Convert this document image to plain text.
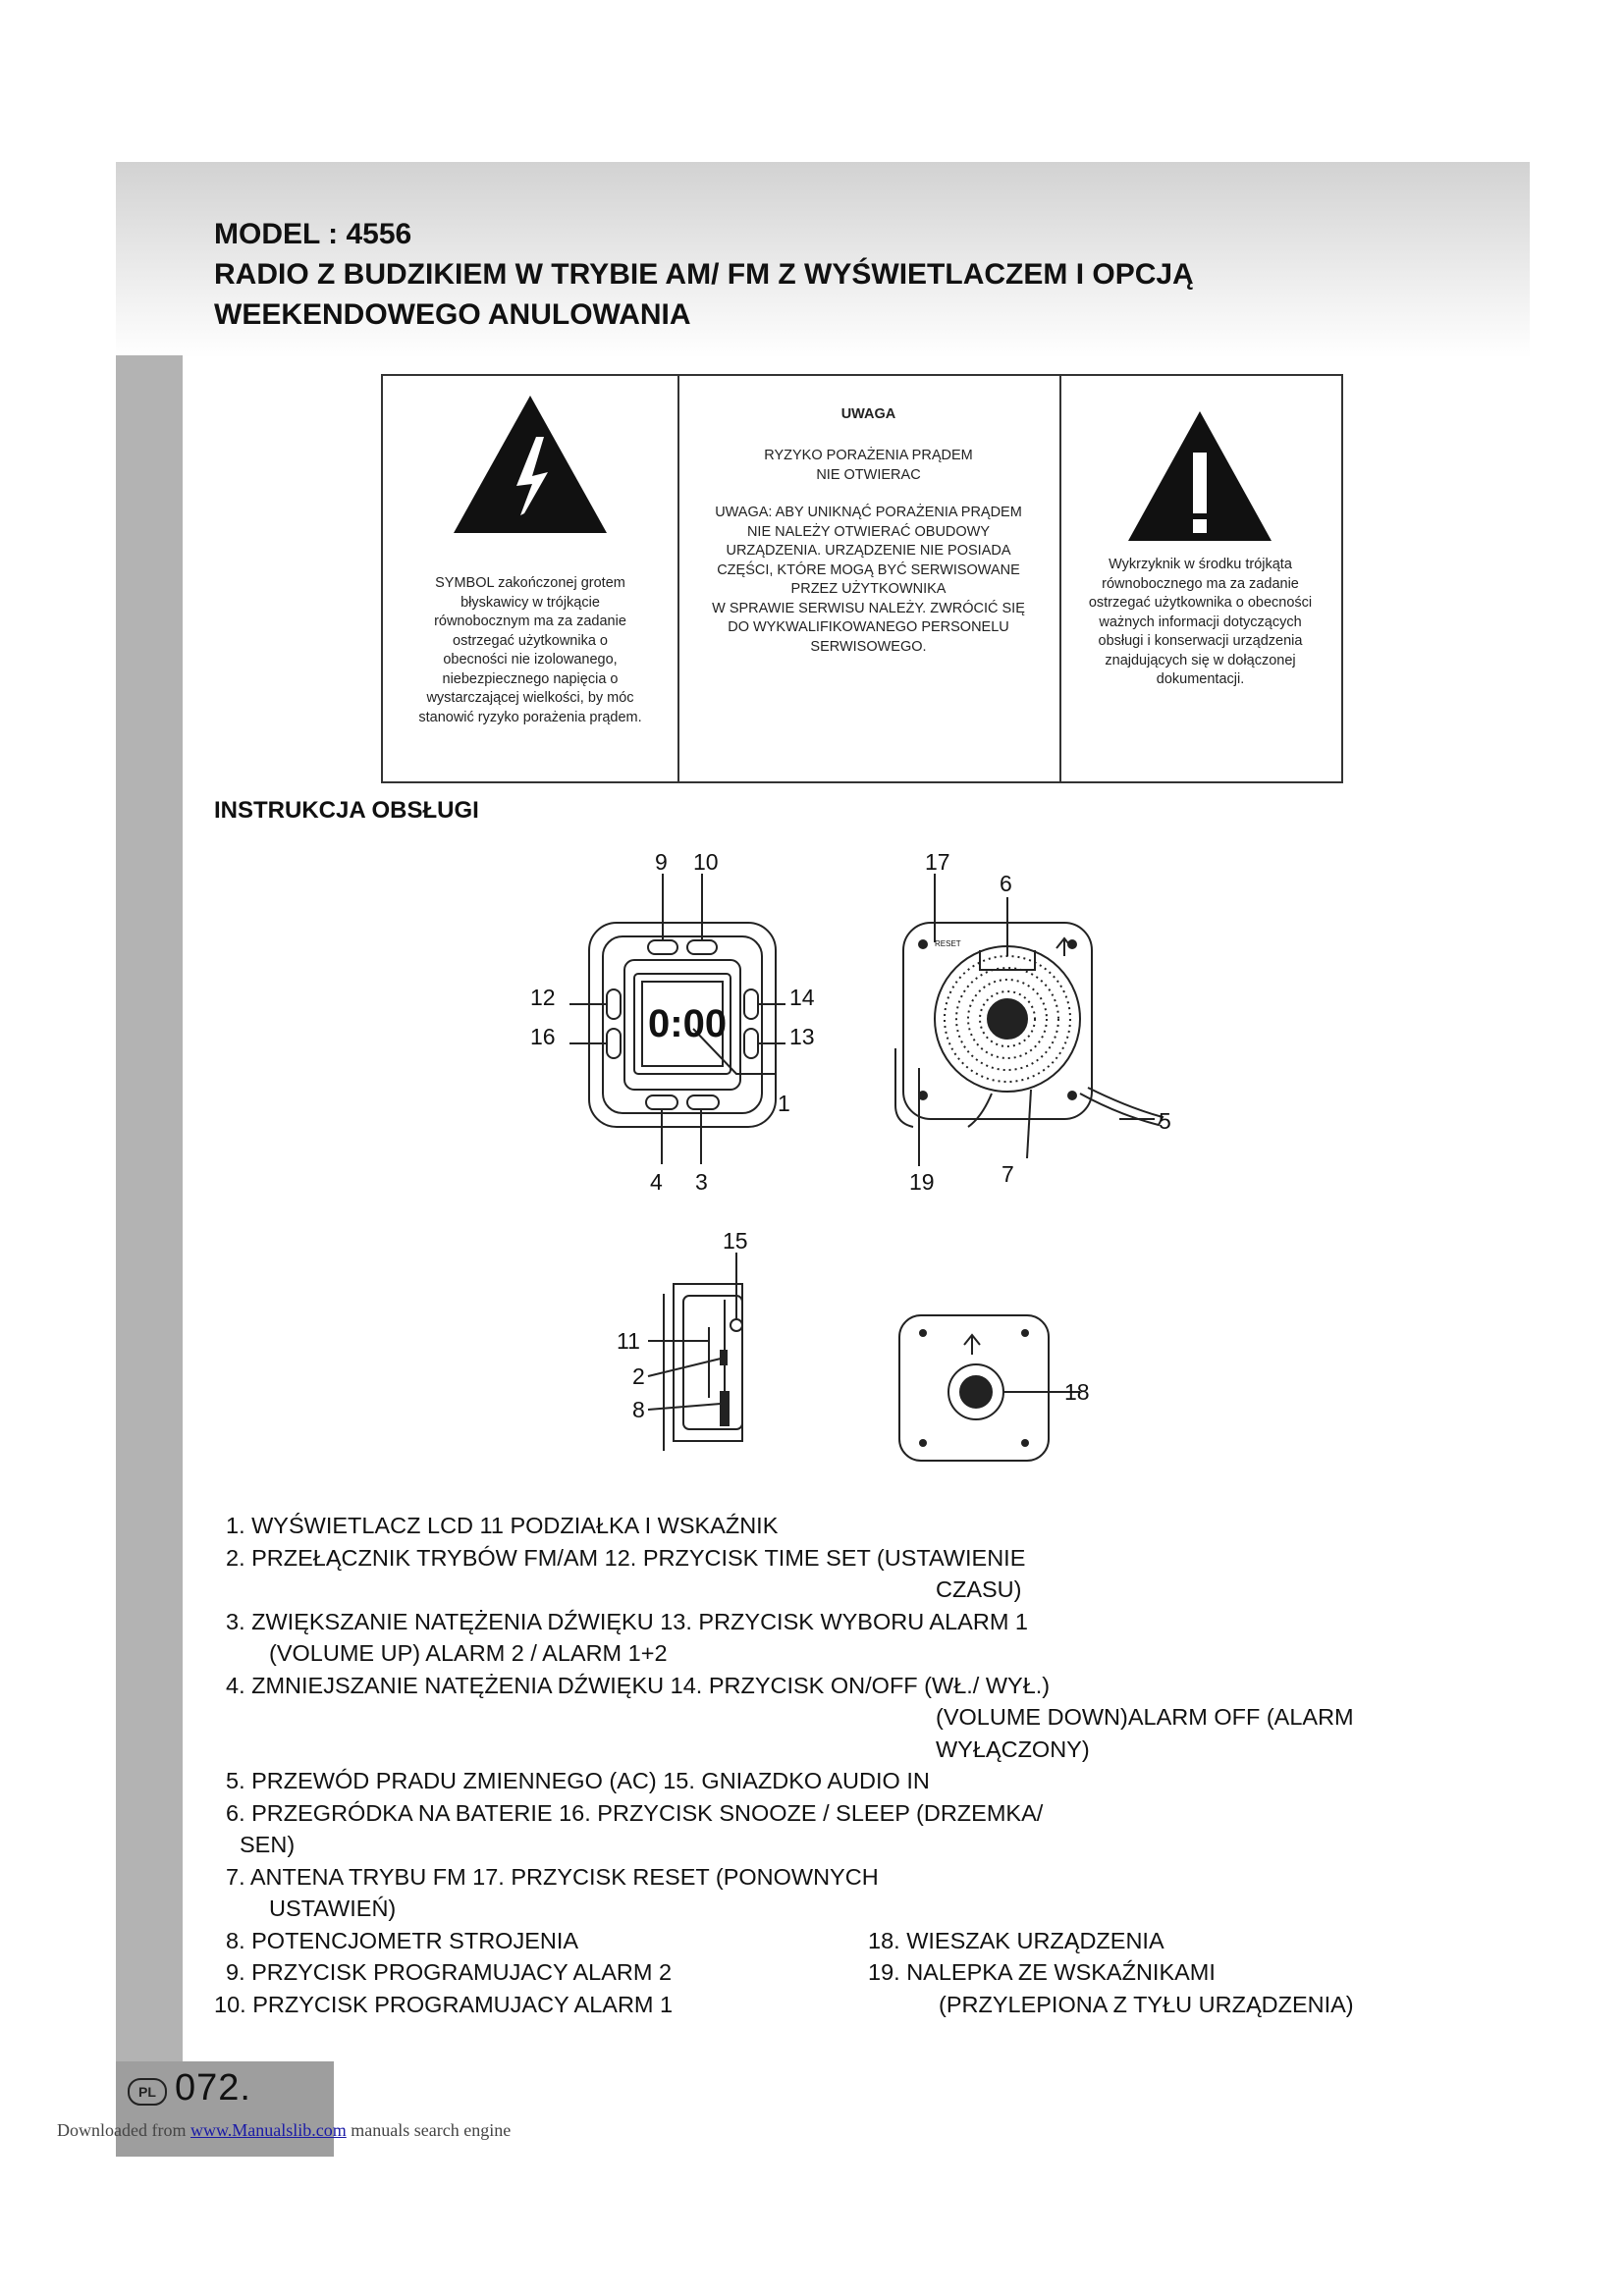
MODEL : 4556
RADIO Z BUDZIKIEM W TRYBIE AM/ FM Z WYŚWIETLACZEM I OPCJĄ
WEEKENDOWEGO ANULOWANIA
SYMBOL zakończonej grotem
błyskawicy w trójkącie
równobocznym ma za zadanie
ostrzegać użytkownika o
obecności nie izolowanego,
niebezpiecznego napięcia o
wystarczającej wielkości, by móc
stanowić ryzyko porażenia prądem.
UWAGA
RYZYKO PORAŻENIA PRĄDEM
NIE OTWIERAC
UWAGA: ABY UNIKNĄĆ PORAŻENIA PRĄDEM
NIE NALEŻY OTWIERAĆ OBUDOWY
URZĄDZENIA. URZĄDZENIE NIE POSIADA
CZĘŚCI, KTÓRE MOGĄ BYĆ SERWISOWANE
PRZEZ UŻYTKOWNIKA
W SPRAWIE SERWISU NALEŻY. ZWRÓCIĆ SIĘ
DO WYKWALIFIKOWANEGO PERSONELU
SERWISOWEGO.
Wykrzyknik w środku trójkąta
równobocznego ma za zadanie
ostrzegać użytkownika o obecności
ważnych informacji dotyczących
obsługi i konserwacji urządzenia
znajdujących się w dołączonej
dokumentacji.
INSTRUKCJA OBSŁUGI
0:00
RESET
9 10
12
16
14
13
4 3
1
17
6
5
19	7
15
11
2
8
18
1. WYŚWIETLACZ LCD 11 PODZIAŁKA I WSKAŹNIK
2. PRZEŁĄCZNIK TRYBÓW FM/AM 12. PRZYCISK TIME SET (USTAWIENIE
CZASU)
3. ZWIĘKSZANIE NATĘŻENIA DŹWIĘKU 13. PRZYCISK WYBORU ALARM 1
(VOLUME UP) ALARM 2 / ALARM 1+2
4. ZMNIEJSZANIE NATĘŻENIA DŹWIĘKU 14. PRZYCISK ON/OFF (WŁ./ WYŁ.)
(VOLUME DOWN)ALARM OFF (ALARM
WYŁĄCZONY)
5. PRZEWÓD PRADU ZMIENNEGO (AC) 15. GNIAZDKO AUDIO IN
6. PRZEGRÓDKA NA BATERIE 16. PRZYCISK SNOOZE / SLEEP (DRZEMKA/
SEN)
7. ANTENA TRYBU FM 17. PRZYCISK RESET (PONOWNYCH
USTAWIEŃ)
8. POTENCJOMETR STROJENIA	18. WIESZAK URZĄDZENIA
9. PRZYCISK PROGRAMUJACY ALARM 2	19. NALEPKA ZE WSKAŹNIKAMI
10. PRZYCISK PROGRAMUJACY ALARM 1	(PRZYLEPIONA Z TYŁU URZĄDZENIA)
PL 072.
Downloaded from www.Manualslib.com manuals search engine
